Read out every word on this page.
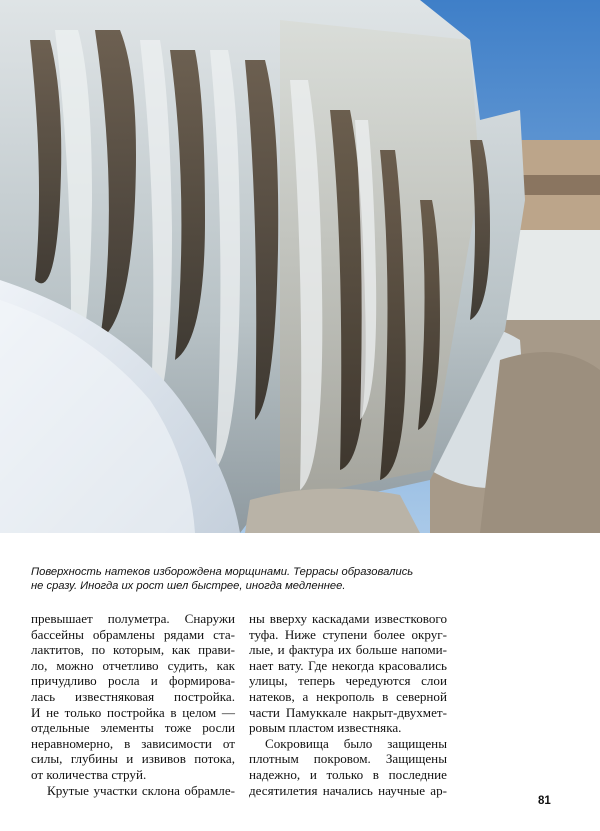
Поверхность натеков изборождена морщинами. Террасы образовались
не сразу. Иногда их рост шел быстрее, иногда медленнее.
превышает полуметра. Снаружи
бассейны обрамлены рядами ста-
лактитов, по которым, как прави-
ло, можно отчетливо судить, как
причудливо росла и формирова-
лась известняковая постройка.
И не только постройка в целом —
отдельные элементы тоже росли
неравномерно, в зависимости от
силы, глубины и извивов потока,
от количества струй.
Крутые участки склона обрамле-
ны вверху каскадами известкового
туфа. Ниже ступени более округ-
лые, и фактура их больше напоми-
нает вату. Где некогда красовались
улицы, теперь чередуются слои
натеков, а некрополь в северной
части Памуккале накрыт-двухмет-
ровым пластом известняка.
Сокровища было защищены
плотным покровом. Защищены
надежно, и только в последние
десятилетия начались научные ар-
81
